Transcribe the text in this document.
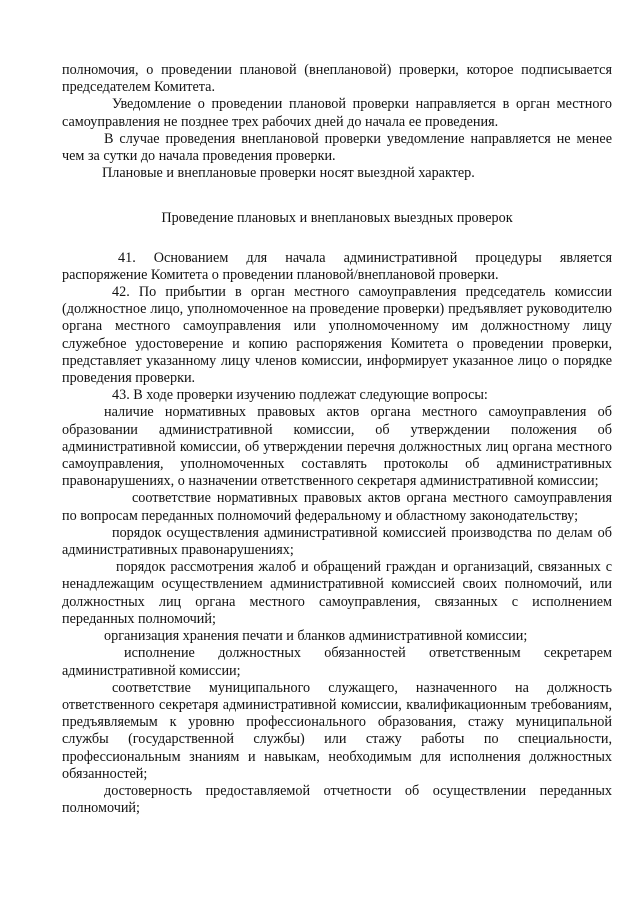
полномочия, о проведении плановой (внеплановой) проверки, которое подписывается председателем Комитета.

Уведомление о проведении плановой проверки направляется в орган местного самоуправления не позднее трех рабочих дней до начала ее проведения.

В случае проведения внеплановой проверки уведомление направляется не менее чем за сутки до начала проведения проверки.

Плановые и внеплановые проверки носят выездной характер.

Проведение плановых и внеплановых выездных проверок

41. Основанием для начала административной процедуры является распоряжение Комитета о проведении плановой/внеплановой проверки.

42. По прибытии в орган местного самоуправления председатель комиссии (должностное лицо, уполномоченное на проведение проверки) предъявляет руководителю органа местного самоуправления или уполномоченному им должностному лицу служебное удостоверение и копию распоряжения Комитета о проведении проверки, представляет указанному лицу членов комиссии, информирует указанное лицо о порядке проведения проверки.

43. В ходе проверки изучению подлежат следующие вопросы:

наличие нормативных правовых актов органа местного самоуправления об образовании административной комиссии, об утверждении положения об административной комиссии, об утверждении перечня должностных лиц органа местного самоуправления, уполномоченных составлять протоколы об административных правонарушениях, о назначении ответственного секретаря административной комиссии;

соответствие нормативных правовых актов органа местного самоуправления по вопросам переданных полномочий федеральному и областному законодательству;

порядок осуществления административной комиссией производства по делам об административных правонарушениях;

порядок рассмотрения жалоб и обращений граждан и организаций, связанных с ненадлежащим осуществлением административной комиссией своих полномочий, или должностных лиц органа местного самоуправления, связанных с исполнением переданных полномочий;

организация хранения печати и бланков административной комиссии;

исполнение должностных обязанностей ответственным секретарем административной комиссии;

соответствие муниципального служащего, назначенного на должность ответственного секретаря административной комиссии, квалификационным требованиям, предъявляемым к уровню профессионального образования, стажу муниципальной службы (государственной службы) или стажу работы по специальности, профессиональным знаниям и навыкам, необходимым для исполнения должностных обязанностей;

достоверность предоставляемой отчетности об осуществлении переданных полномочий;
